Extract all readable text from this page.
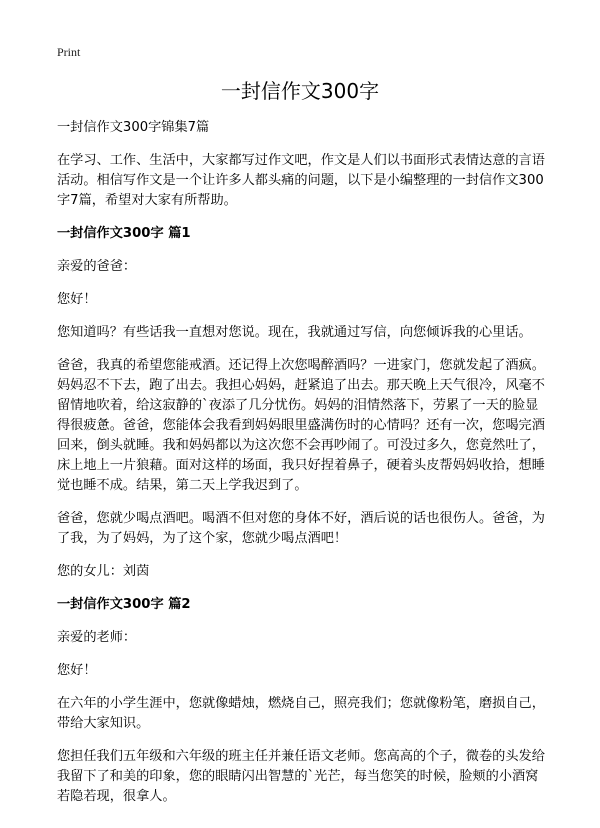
Print
一封信作文300字

一封信作文300字锦集7篇

在学习、工作、生活中，大家都写过作文吧，作文是人们以书面形式表情达意的言语活动。相信写作文是一个让许多人都头痛的问题，以下是小编整理的一封信作文300字7篇，希望对大家有所帮助。

一封信作文300字 篇1

亲爱的爸爸：

您好！

您知道吗？有些话我一直想对您说。现在，我就通过写信，向您倾诉我的心里话。

爸爸，我真的希望您能戒酒。还记得上次您喝醉酒吗？一进家门，您就发起了酒疯。妈妈忍不下去，跑了出去。我担心妈妈，赶紧追了出去。那天晚上天气很冷，风毫不留情地吹着，给这寂静的`夜添了几分忧伤。妈妈的泪情然落下，劳累了一天的脸显得很疲惫。爸爸，您能体会我看到妈妈眼里盛满伤时的心情吗？还有一次，您喝完酒回来，倒头就睡。我和妈妈都以为这次您不会再吵闹了。可没过多久，您竟然吐了，床上地上一片狼藉。面对这样的场面，我只好捏着鼻子，硬着头皮帮妈妈收拾，想睡觉也睡不成。结果，第二天上学我迟到了。

爸爸，您就少喝点酒吧。喝酒不但对您的身体不好，酒后说的话也很伤人。爸爸，为了我，为了妈妈，为了这个家，您就少喝点酒吧！

您的女儿：刘茵

一封信作文300字 篇2

亲爱的老师：

您好！

在六年的小学生涯中，您就像蜡烛，燃烧自己，照亮我们；您就像粉笔，磨损自己，带给大家知识。

您担任我们五年级和六年级的班主任并兼任语文老师。您高高的个子，微卷的头发给我留下了和美的印象，您的眼睛闪出智慧的`光芒，每当您笑的时候，脸颊的小酒窝若隐若现，很拿人。
